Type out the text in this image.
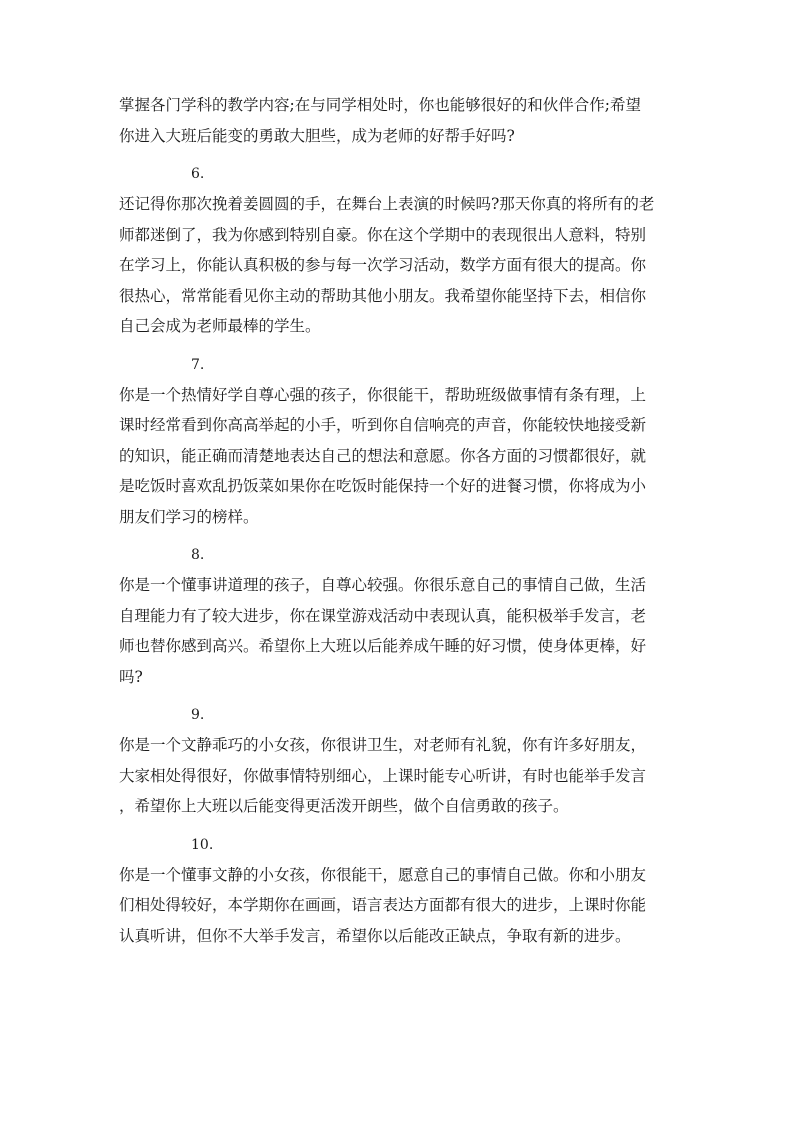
掌握各门学科的教学内容;在与同学相处时，你也能够很好的和伙伴合作;希望
你进入大班后能变的勇敢大胆些，成为老师的好帮手好吗?

6.

还记得你那次挽着姜圆圆的手，在舞台上表演的时候吗?那天你真的将所有的老
师都迷倒了，我为你感到特别自豪。你在这个学期中的表现很出人意料，特别
在学习上，你能认真积极的参与每一次学习活动，数学方面有很大的提高。你
很热心，常常能看见你主动的帮助其他小朋友。我希望你能坚持下去，相信你
自己会成为老师最棒的学生。

7.

你是一个热情好学自尊心强的孩子，你很能干，帮助班级做事情有条有理，上
课时经常看到你高高举起的小手，听到你自信响亮的声音，你能较快地接受新
的知识，能正确而清楚地表达自己的想法和意愿。你各方面的习惯都很好，就
是吃饭时喜欢乱扔饭菜如果你在吃饭时能保持一个好的进餐习惯，你将成为小
朋友们学习的榜样。

8.

你是一个懂事讲道理的孩子，自尊心较强。你很乐意自己的事情自己做，生活
自理能力有了较大进步，你在课堂游戏活动中表现认真，能积极举手发言，老
师也替你感到高兴。希望你上大班以后能养成午睡的好习惯，使身体更棒，好
吗?

9.

你是一个文静乖巧的小女孩，你很讲卫生，对老师有礼貌，你有许多好朋友，
大家相处得很好，你做事情特别细心，上课时能专心听讲，有时也能举手发言
，希望你上大班以后能变得更活泼开朗些，做个自信勇敢的孩子。

10.

你是一个懂事文静的小女孩，你很能干，愿意自己的事情自己做。你和小朋友
们相处得较好，本学期你在画画，语言表达方面都有很大的进步，上课时你能
认真听讲，但你不大举手发言，希望你以后能改正缺点，争取有新的进步。
